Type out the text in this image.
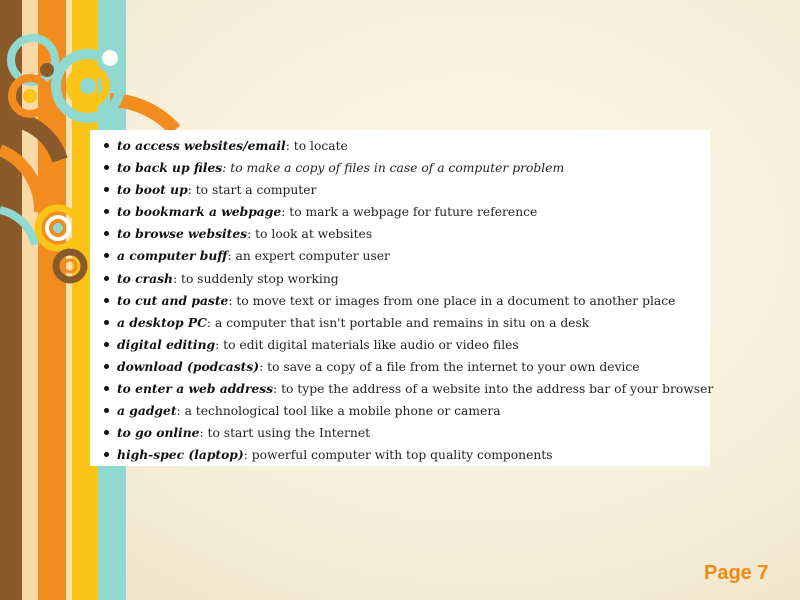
to access websites/email: to locate
to back up files: to make a copy of files in case of a computer problem
to boot up: to start a computer
to bookmark a webpage: to mark a webpage for future reference
to browse websites: to look at websites
a computer buff: an expert computer user
to crash: to suddenly stop working
to cut and paste: to move text or images from one place in a document to another place
a desktop PC: a computer that isn't portable and remains in situ on a desk
digital editing: to edit digital materials like audio or video files
download (podcasts): to save a copy of a file from the internet to your own device
to enter a web address: to type the address of a website into the address bar of your browser
a gadget: a technological tool like a mobile phone or camera
to go online: to start using the Internet
high-spec (laptop): powerful computer with top quality components
Page 7
